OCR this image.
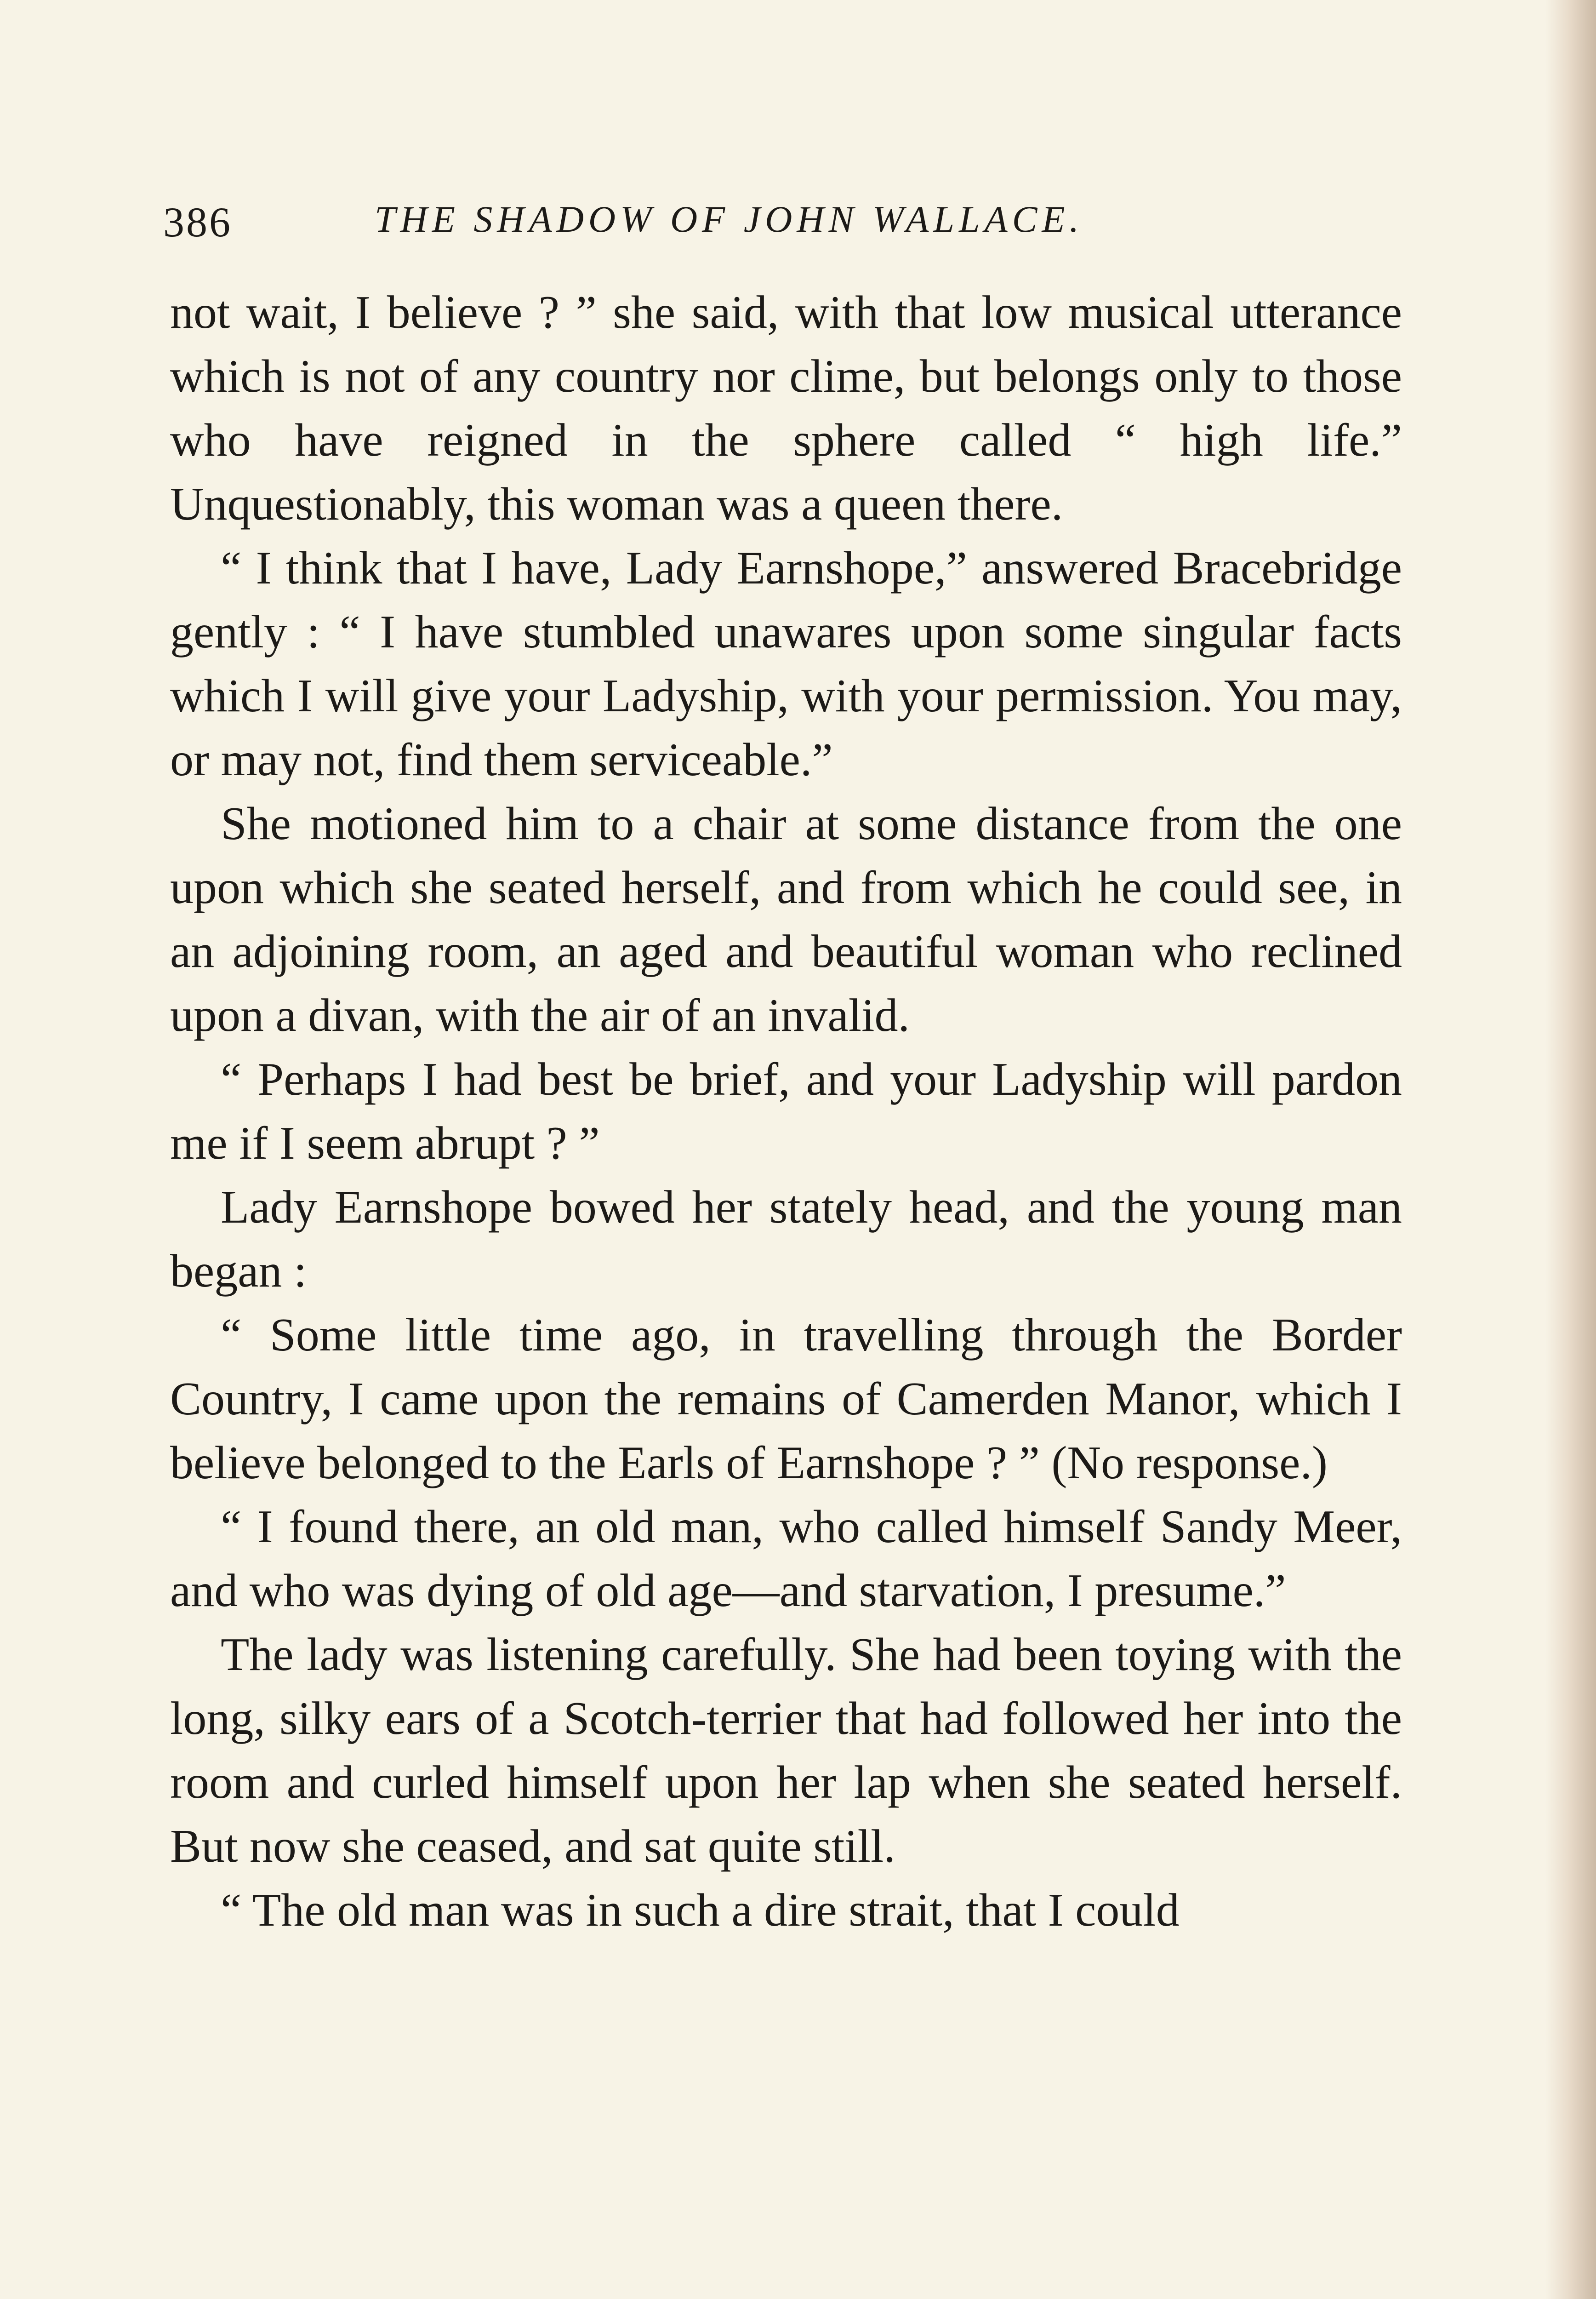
386	THE SHADOW OF JOHN WALLACE.

not wait, I believe ? ” she said, with that low musical utterance which is not of any country nor clime, but belongs only to those who have reigned in the sphere called “ high life.” Unquestionably, this woman was a queen there.

“ I think that I have, Lady Earnshope,” answered Bracebridge gently : “ I have stumbled unawares upon some singular facts which I will give your Ladyship, with your permission. You may, or may not, find them serviceable.”

She motioned him to a chair at some distance from the one upon which she seated herself, and from which he could see, in an adjoining room, an aged and beautiful woman who reclined upon a divan, with the air of an invalid.

“ Perhaps I had best be brief, and your Ladyship will pardon me if I seem abrupt ? ”

Lady Earnshope bowed her stately head, and the young man began :

“ Some little time ago, in travelling through the Border Country, I came upon the remains of Camerden Manor, which I believe belonged to the Earls of Earnshope ? ” (No response.)

“ I found there, an old man, who called himself Sandy Meer, and who was dying of old age—and starvation, I presume.”

The lady was listening carefully. She had been toying with the long, silky ears of a Scotch-terrier that had followed her into the room and curled himself upon her lap when she seated herself. But now she ceased, and sat quite still.

“ The old man was in such a dire strait, that I could
